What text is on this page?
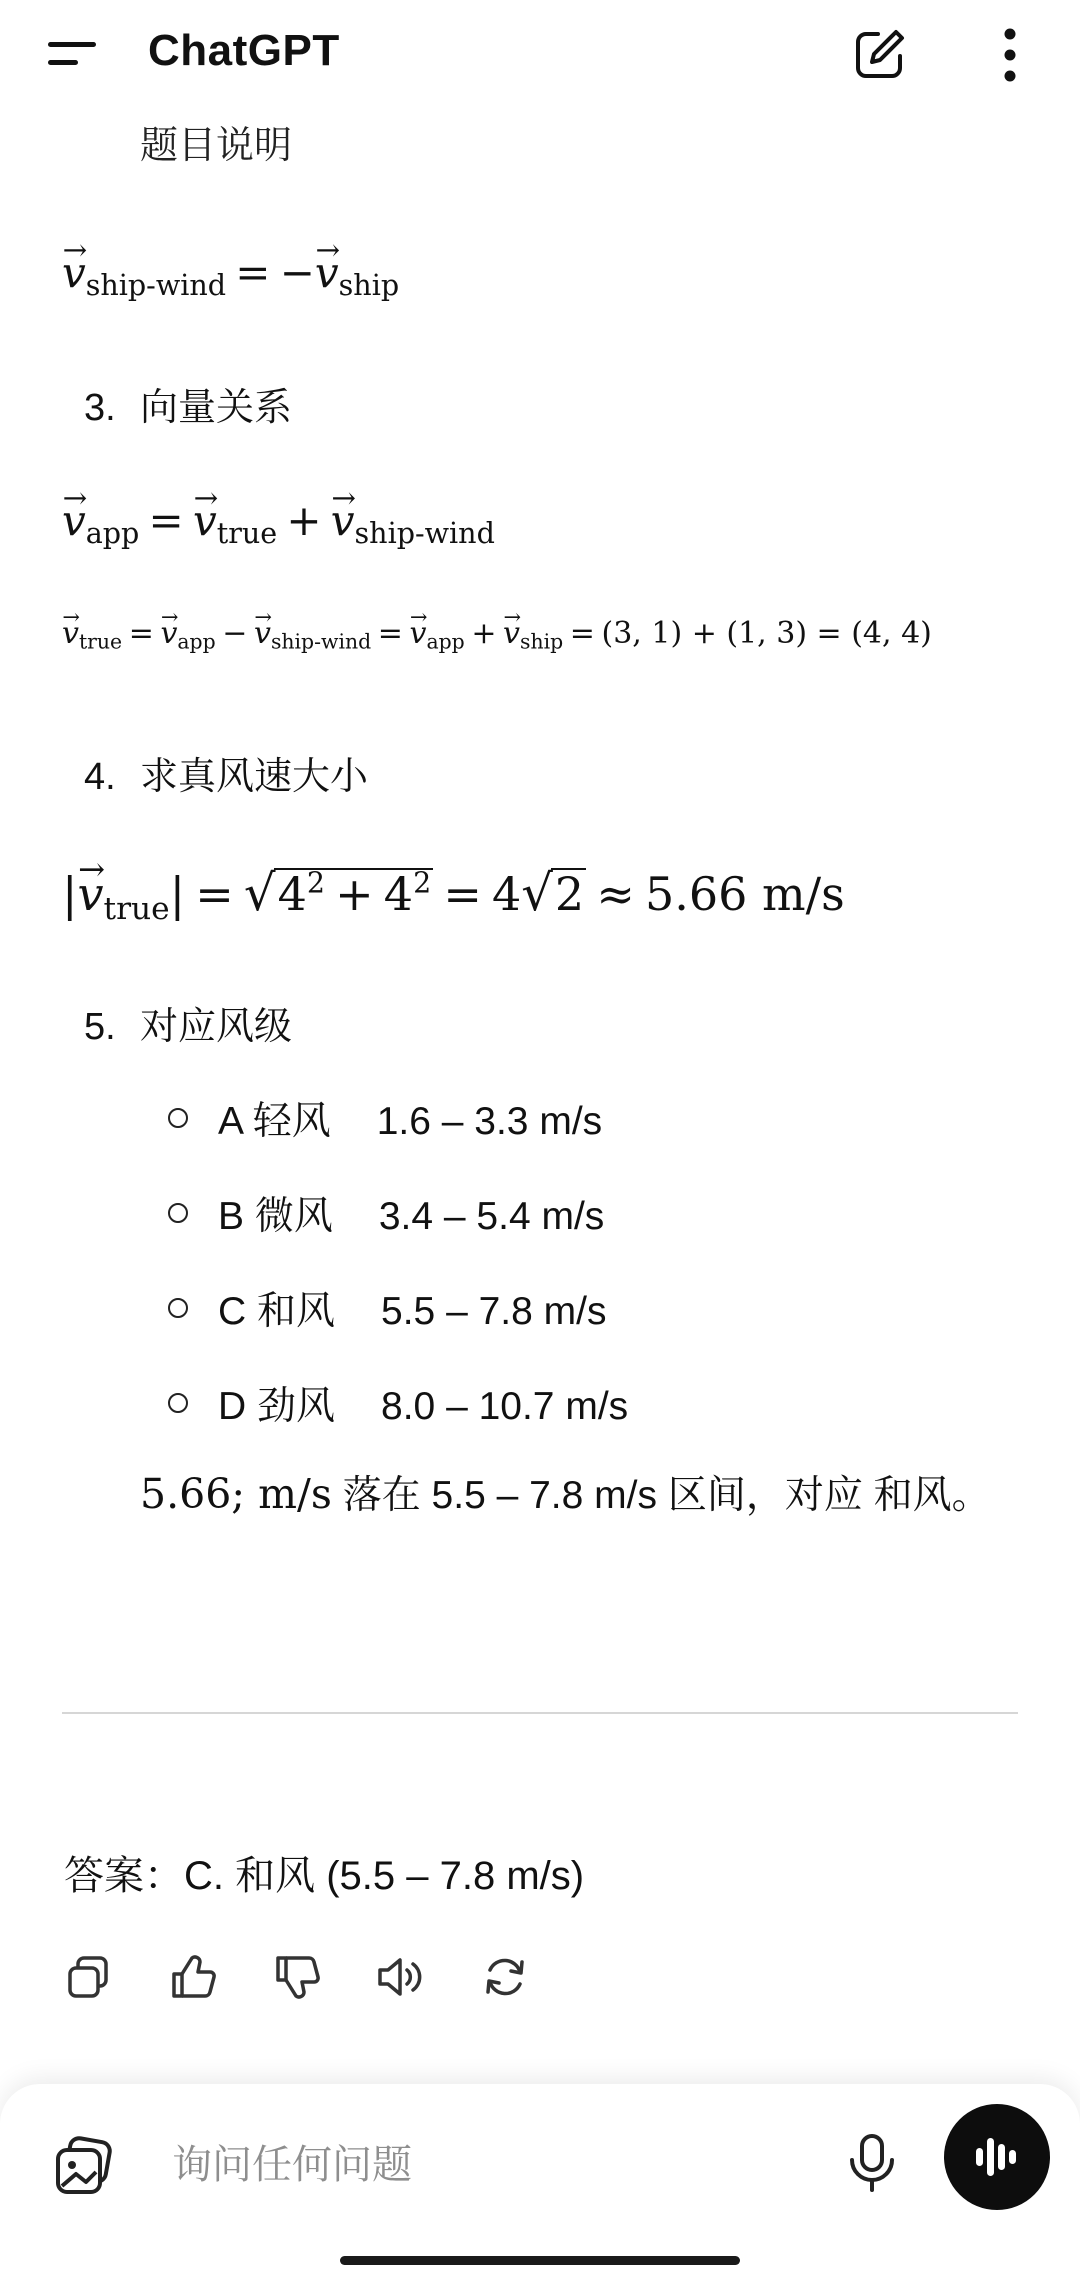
ChatGPT
题目说明
→ $v_{ship-wind}$ = −→ $v_{ship}$
3. 向量关系
→ $v_{app} =\to v_{true} +\to v_{ship-wind}$
→ $v_{true} =\to v_{app} -\to v_{ship-wind} =\to v_{app} +\to v_{ship} = (3$, 1) + (1, 3) = (4, 4)
4. 求真风速大小
|→ $v_{true}| = √4^2 + 4^2 = 4√2 \approx 5.66$ m/s
5. 对应风级
A 轻风 1.6 – 3.3 m/s
B 微风 3.4 – 5.4 m/s
C 和风 5.5 – 7.8 m/s
D 劲风 8.0 – 10.7 m/s
5.66; m/s 落在 5.5 – 7.8 m/s 区间，对应 和风。
答案：C. 和风 (5.5 – 7.8 m/s)
询问任何问题
